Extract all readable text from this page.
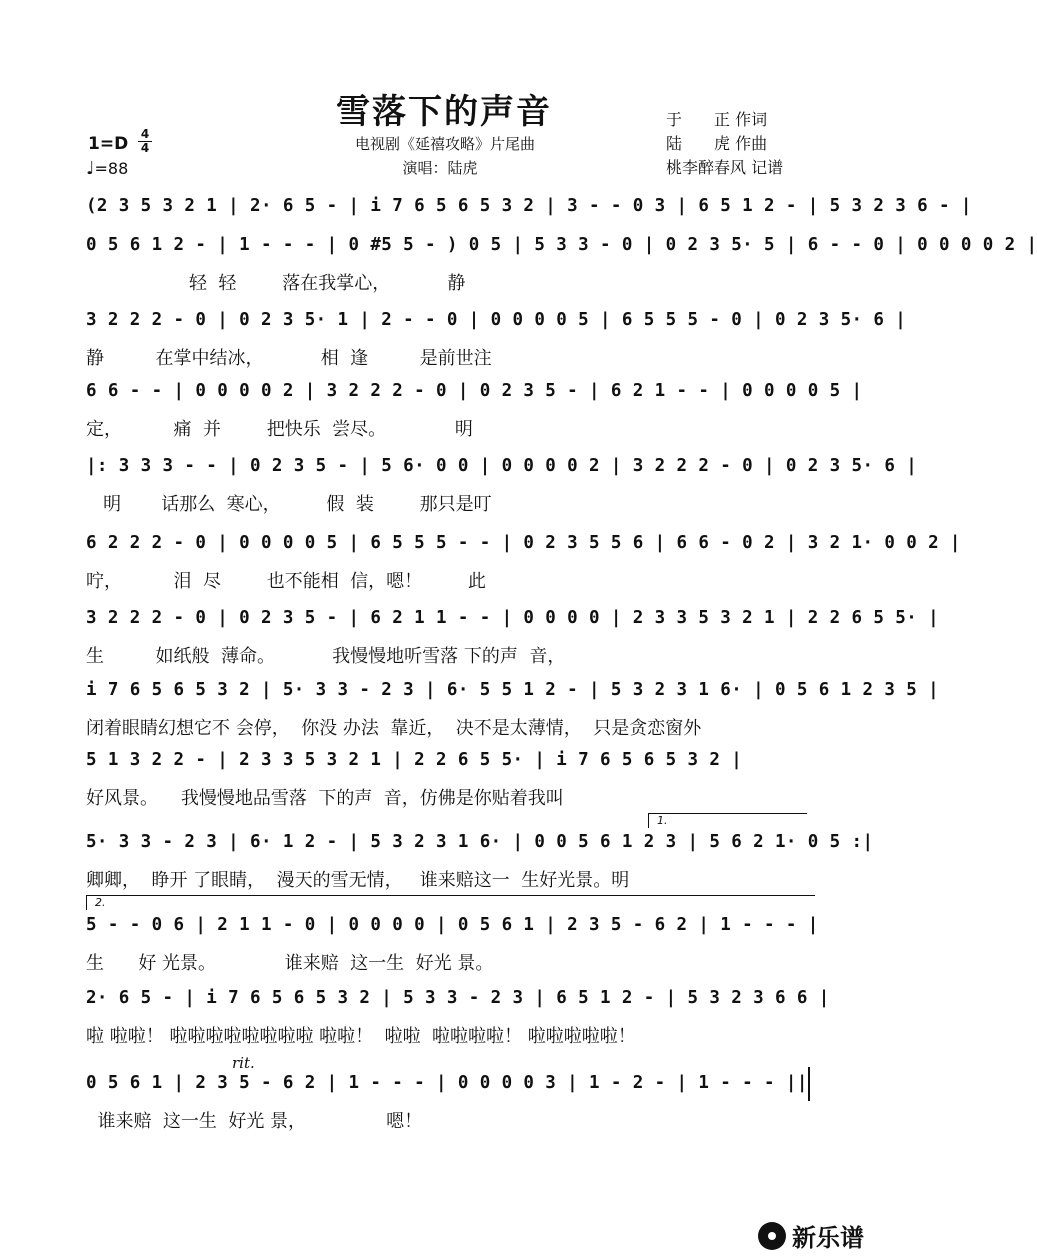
雪落下的声音
电视剧《延禧攻略》片尾曲
演唱：陆虎
于　　正 作词
陆　　虎 作曲
桃李醉春风 记谱
1=D 4
4
♩=88
(2 3 5 3 2 1 | 2· 6 5 - | i 7 6 5 6 5 3 2 | 3 - - 0 3 | 6 5 1 2 - | 5 3 2 3 6 - |
0 5 6 1 2 - | 1 - - - | 0 #5 5 - ) 0 5 | 5 3 3 - 0 | 0 2 3 5· 5 | 6 - - 0 | 0 0 0 0 2 |
轻  轻        落在我掌心，          静
3 2 2 2 - 0 | 0 2 3 5· 1 | 2 - - 0 | 0 0 0 0 5 | 6 5 5 5 - 0 | 0 2 3 5· 6 |
静         在掌中结冰，          相  逢         是前世注
6 6 - - | 0 0 0 0 2 | 3 2 2 2 - 0 | 0 2 3 5 - | 6 2 1 - - | 0 0 0 0 5 |
定，         痛  并        把快乐  尝尽。            明
|: 3 3 3 - - | 0 2 3 5 - | 5 6· 0 0 | 0 0 0 0 2 | 3 2 2 2 - 0 | 0 2 3 5· 6 |
明       话那么  寒心，        假  装        那只是叮
6 2 2 2 - 0 | 0 0 0 0 5 | 6 5 5 5 - - | 0 2 3 5 5 6 | 6 6 - 0 2 | 3 2 1· 0 0 2 |
咛，         泪  尽        也不能相  信，嗯！        此
3 2 2 2 - 0 | 0 2 3 5 - | 6 2 1 1 - - | 0 0 0 0 | 2 3 3 5 3 2 1 | 2 2 6 5 5· |
生         如纸般  薄命。          我慢慢地听雪落 下的声  音，
i 7 6 5 6 5 3 2 | 5· 3 3 - 2 3 | 6· 5 5 1 2 - | 5 3 2 3 1 6· | 0 5 6 1 2 3 5 |
闭着眼睛幻想它不 会停，  你没 办法  靠近，  决不是太薄情，  只是贪恋窗外
5 1 3 2 2 - | 2 3 3 5 3 2 1 | 2 2 6 5 5· | i 7 6 5 6 5 3 2 |
好风景。    我慢慢地品雪落  下的声  音，仿佛是你贴着我叫
1.
5· 3 3 - 2 3 | 6· 1 2 - | 5 3 2 3 1 6· | 0 0 5 6 1 2 3 | 5 6 2 1· 0 5 :|
卿卿，  睁开 了眼睛，  漫天的雪无情，   谁来赔这一  生好光景。明
2.
5 - - 0 6 | 2 1 1 - 0 | 0 0 0 0 | 0 5 6 1 | 2 3 5 - 6 2 | 1 - - - |
生      好 光景。            谁来赔  这一生  好光 景。
2· 6 5 - | i 7 6 5 6 5 3 2 | 5 3 3 - 2 3 | 6 5 1 2 - | 5 3 2 3 6 6 |
啦 啦啦！ 啦啦啦啦啦啦啦啦 啦啦！  啦啦  啦啦啦啦！ 啦啦啦啦啦！
rit.
0 5 6 1 | 2 3 5 - 6 2 | 1 - - - | 0 0 0 0 3 | 1 - 2 - | 1 - - - ||
谁来赔  这一生  好光 景，              嗯！
新乐谱
